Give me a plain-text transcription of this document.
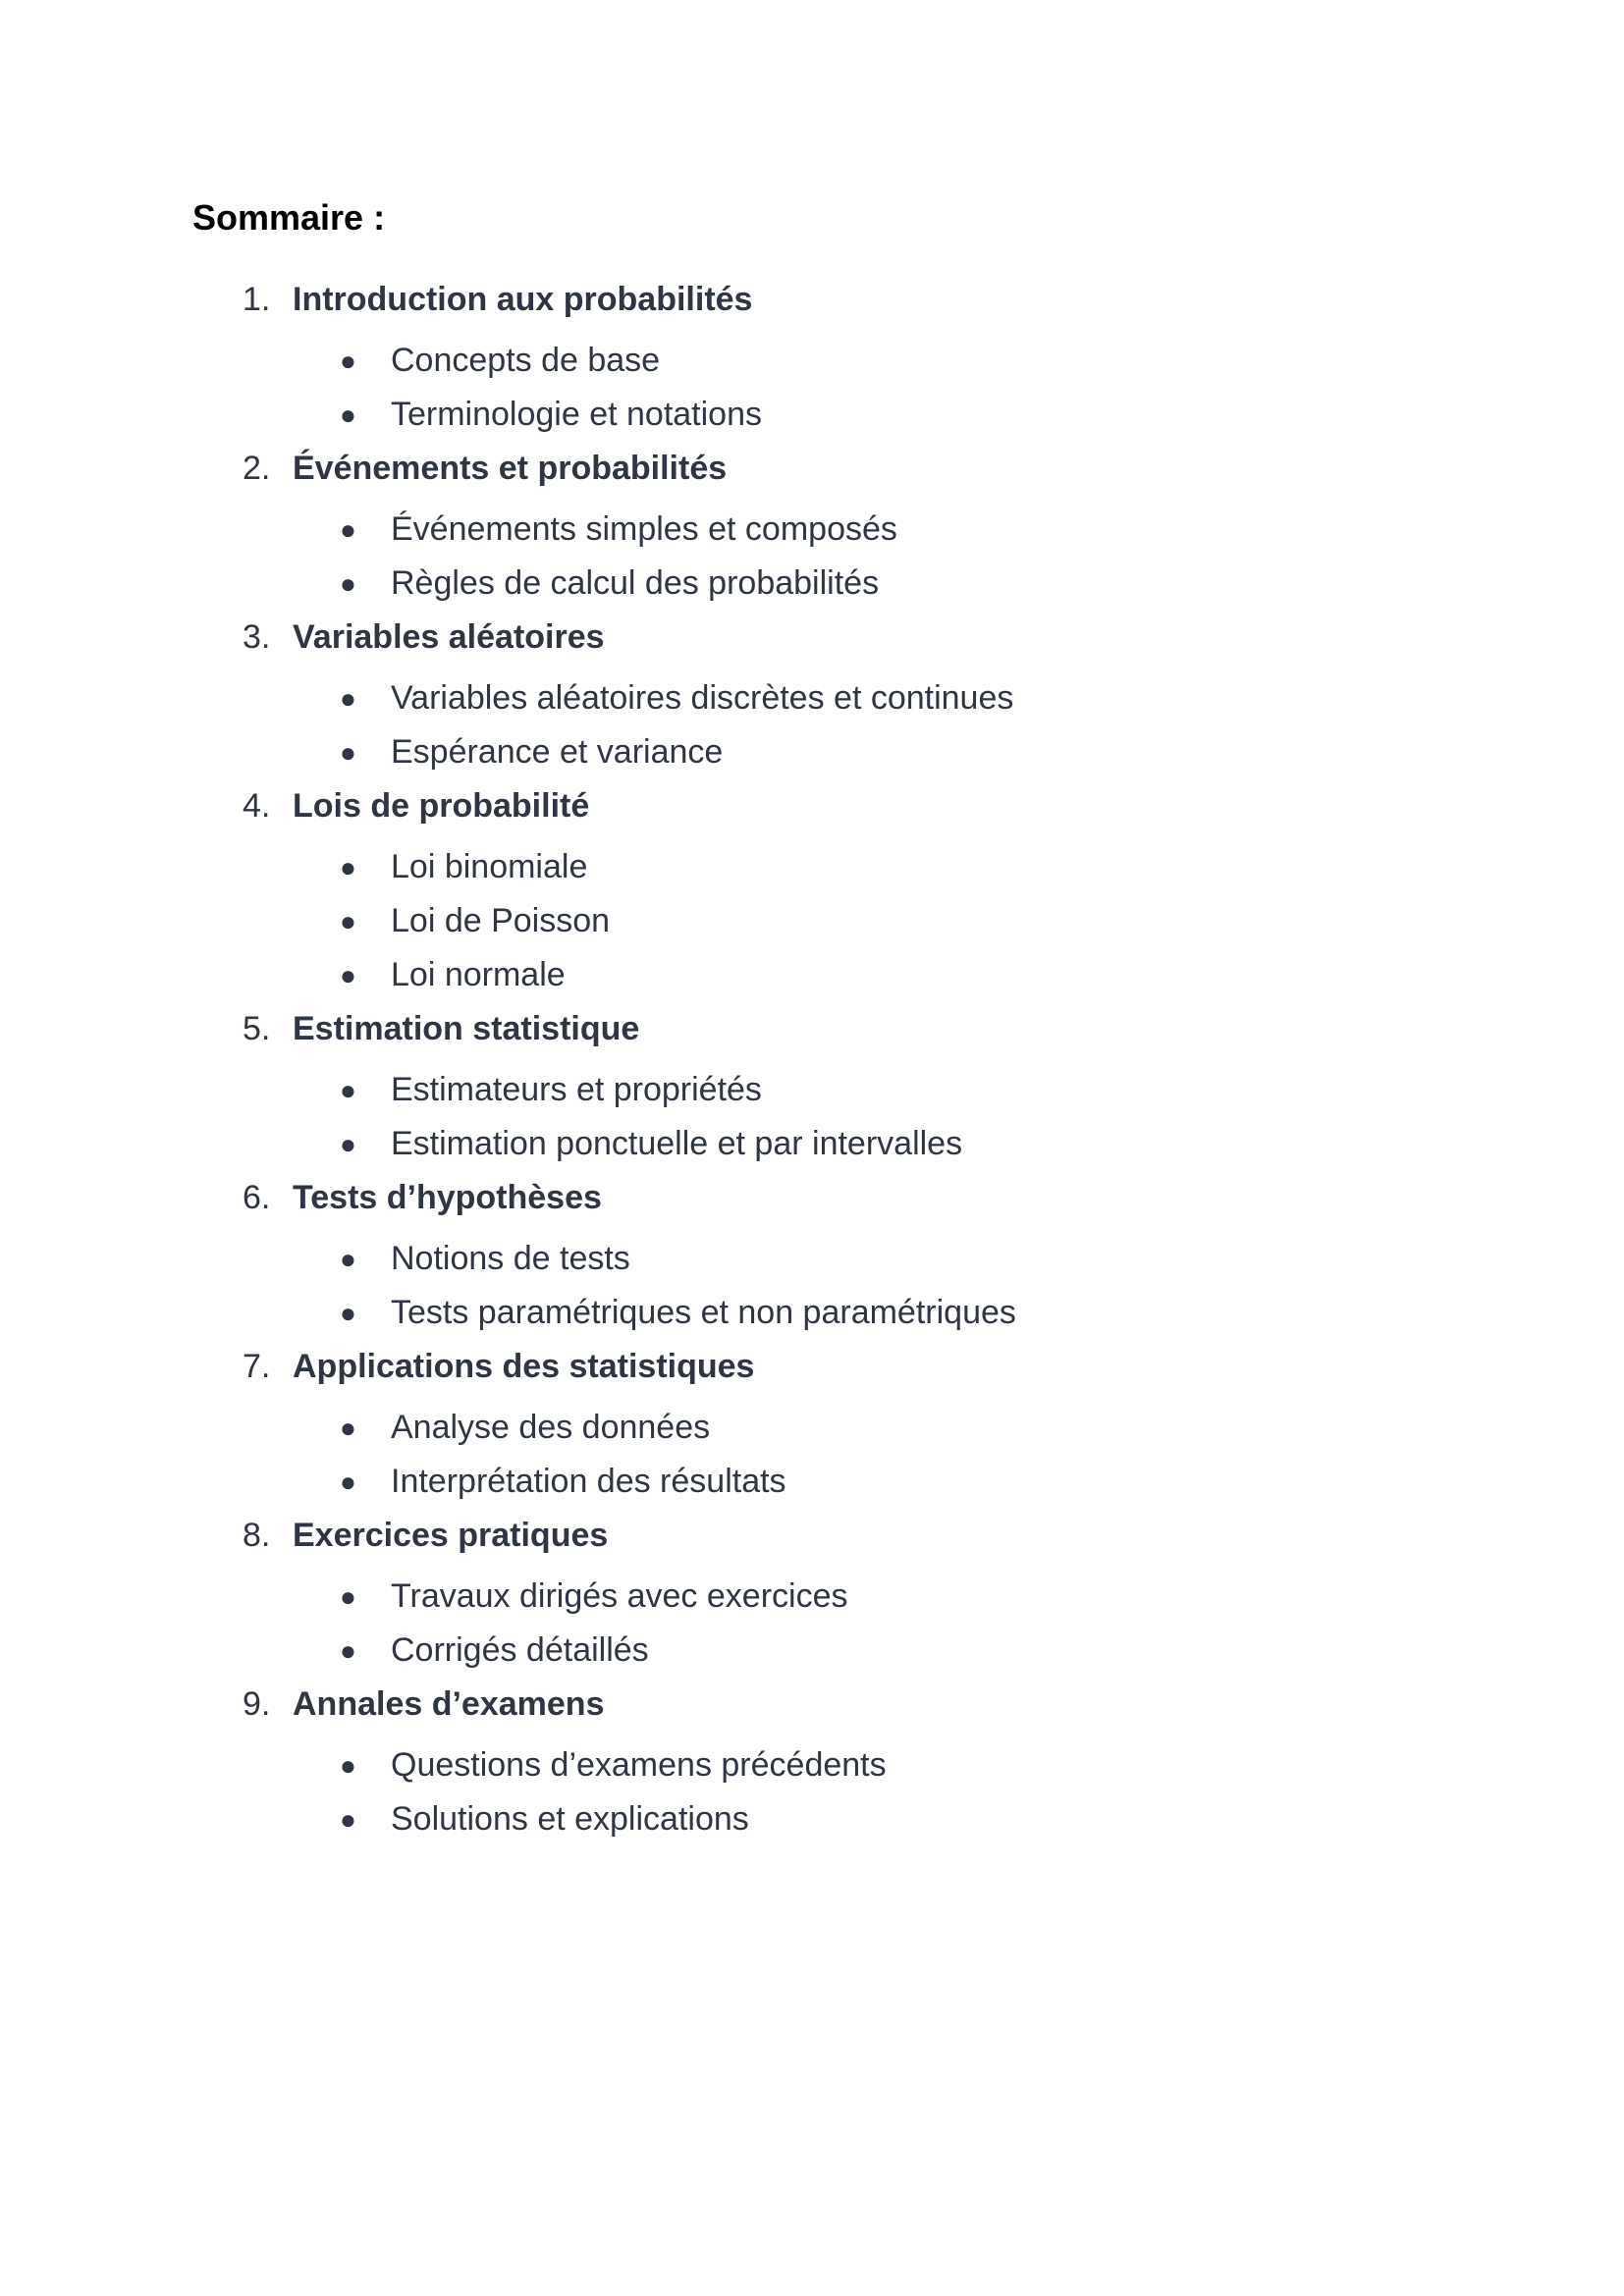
Sommaire :
1. Introduction aux probabilités
● Concepts de base
● Terminologie et notations
2. Événements et probabilités
● Événements simples et composés
● Règles de calcul des probabilités
3. Variables aléatoires
● Variables aléatoires discrètes et continues
● Espérance et variance
4. Lois de probabilité
● Loi binomiale
● Loi de Poisson
● Loi normale
5. Estimation statistique
● Estimateurs et propriétés
● Estimation ponctuelle et par intervalles
6. Tests d’hypothèses
● Notions de tests
● Tests paramétriques et non paramétriques
7. Applications des statistiques
● Analyse des données
● Interprétation des résultats
8. Exercices pratiques
● Travaux dirigés avec exercices
● Corrigés détaillés
9. Annales d’examens
● Questions d’examens précédents
● Solutions et explications
